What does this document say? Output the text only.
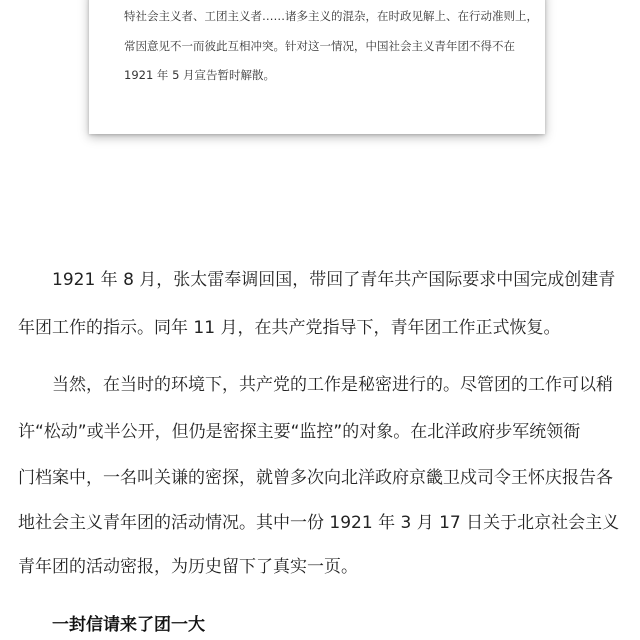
特社会主义者、工团主义者……诸多主义的混杂，在时政见解上、在行动准则上，
常因意见不一而彼此互相冲突。针对这一情况，中国社会主义青年团不得不在
1921 年 5 月宣告暂时解散。
1921 年 8 月，张太雷奉调回国，带回了青年共产国际要求中国完成创建青
年团工作的指示。同年 11 月，在共产党指导下，青年团工作正式恢复。
当然，在当时的环境下，共产党的工作是秘密进行的。尽管团的工作可以稍
许“松动”或半公开，但仍是密探主要“监控”的对象。在北洋政府步军统领衙
门档案中，一名叫关谦的密探，就曾多次向北洋政府京畿卫戍司令王怀庆报告各
地社会主义青年团的活动情况。其中一份 1921 年 3 月 17 日关于北京社会主义
青年团的活动密报，为历史留下了真实一页。
一封信请来了团一大
